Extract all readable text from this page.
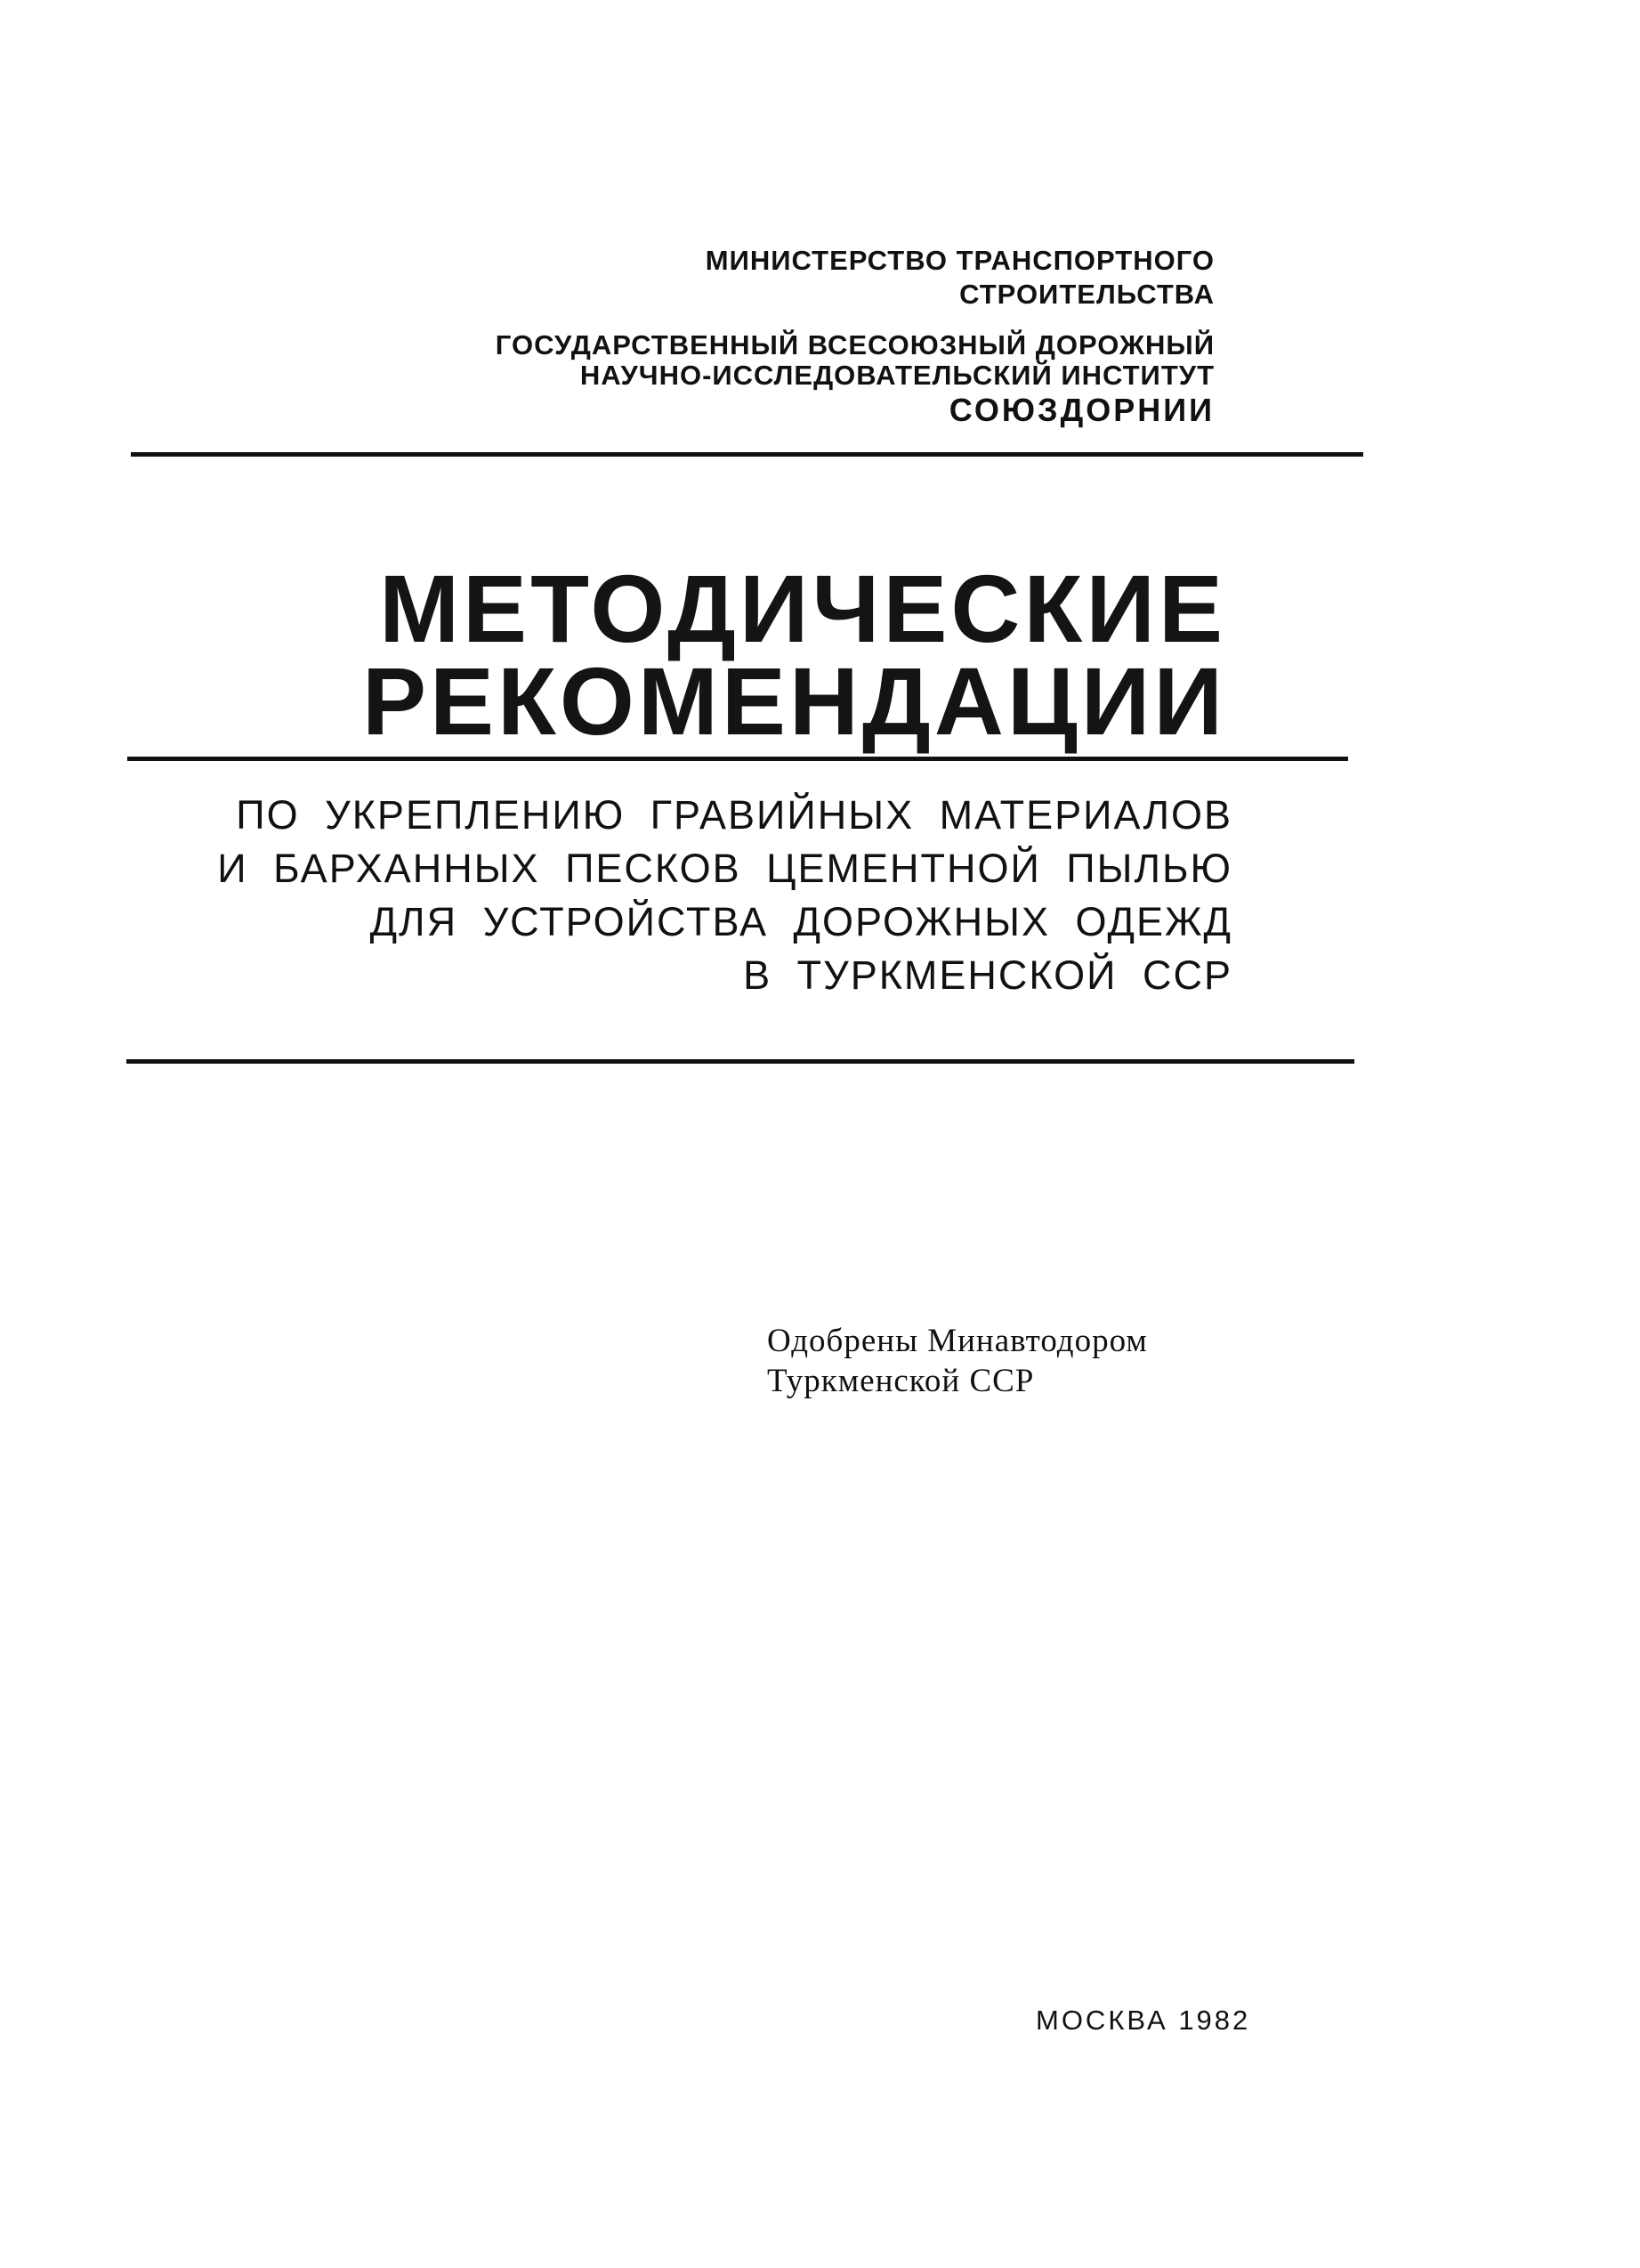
МИНИСТЕРСТВО ТРАНСПОРТНОГО
СТРОИТЕЛЬСТВА
ГОСУДАРСТВЕННЫЙ ВСЕСОЮЗНЫЙ ДОРОЖНЫЙ
НАУЧНО-ИССЛЕДОВАТЕЛЬСКИЙ ИНСТИТУТ
СОЮЗДОРНИИ
МЕТОДИЧЕСКИЕ
РЕКОМЕНДАЦИИ
ПО УКРЕПЛЕНИЮ ГРАВИЙНЫХ МАТЕРИАЛОВ
И БАРХАННЫХ ПЕСКОВ ЦЕМЕНТНОЙ ПЫЛЬЮ
ДЛЯ УСТРОЙСТВА ДОРОЖНЫХ ОДЕЖД
В ТУРКМЕНСКОЙ ССР
Одобрены Минавтодором
Туркменской ССР
МОСКВА 1982
